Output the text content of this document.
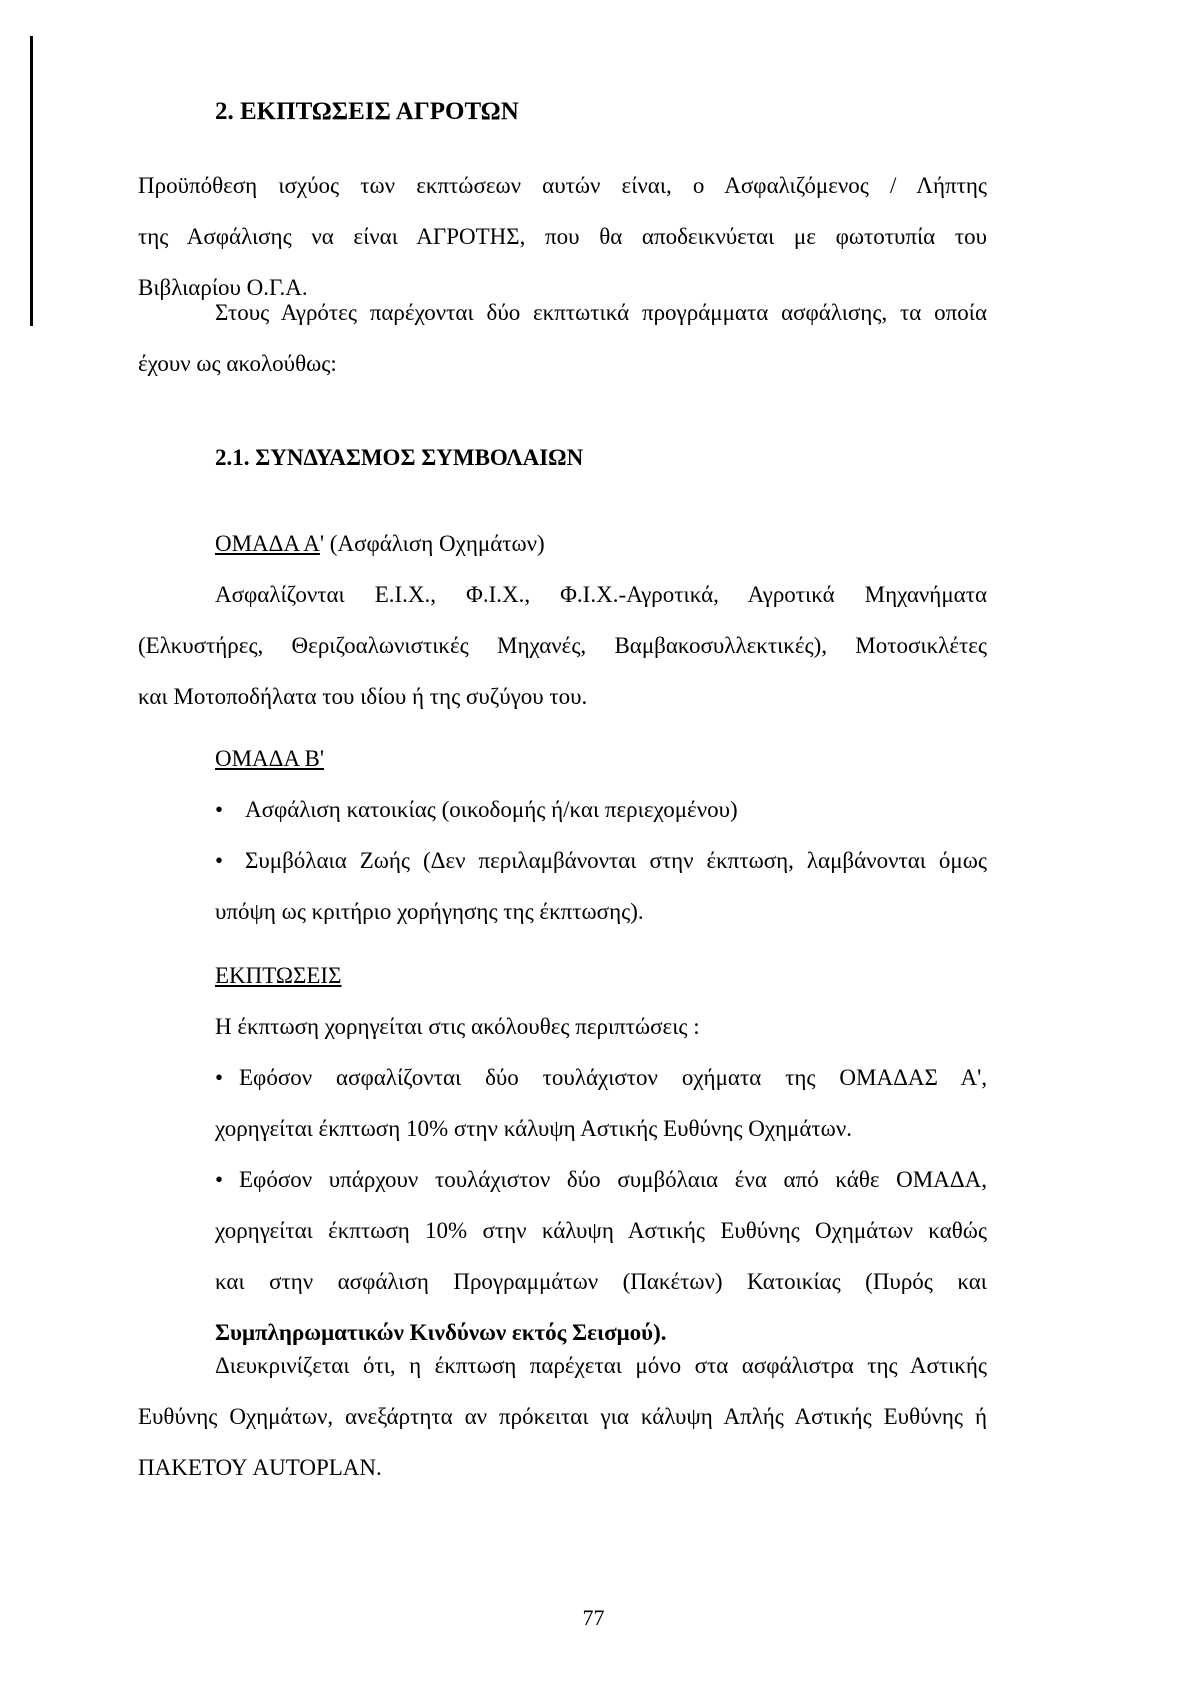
2. ΕΚΠΤΩΣΕΙΣ ΑΓΡΟΤΩΝ

Προϋπόθεση ισχύος των εκπτώσεων αυτών είναι, ο Ασφαλιζόμενος / Λήπτης

της Ασφάλισης να είναι ΑΓΡΟΤΗΣ, που θα αποδεικνύεται με φωτοτυπία του

Βιβλιαρίου Ο.Γ.Α.

Στους Αγρότες παρέχονται δύο εκπτωτικά προγράμματα ασφάλισης, τα οποία

έχουν ως ακολούθως:

2.1. ΣΥΝΔΥΑΣΜΟΣ ΣΥΜΒΟΛΑΙΩΝ

ΟΜΑΔΑ Α' (Ασφάλιση Οχημάτων)

Ασφαλίζονται Ε.Ι.Χ., Φ.Ι.Χ., Φ.Ι.Χ.-Αγροτικά, Αγροτικά Μηχανήματα

(Ελκυστήρες, Θεριζοαλωνιστικές Μηχανές, Βαμβακοσυλλεκτικές), Μοτοσικλέτες

και Μοτοποδήλατα του ιδίου ή της συζύγου του.

ΟΜΑΔΑ Β'

• Ασφάλιση κατοικίας (οικοδομής ή/και περιεχομένου)
• Συμβόλαια Ζωής (Δεν περιλαμβάνονται στην έκπτωση, λαμβάνονται όμως

υπόψη ως κριτήριο χορήγησης της έκπτωσης).

ΕΚΠΤΩΣΕΙΣ

Η έκπτωση χορηγείται στις ακόλουθες περιπτώσεις :

• Εφόσον ασφαλίζονται δύο τουλάχιστον οχήματα της ΟΜΑΔΑΣ Α',

χορηγείται έκπτωση 10% στην κάλυψη Αστικής Ευθύνης Οχημάτων.

• Εφόσον υπάρχουν τουλάχιστον δύο συμβόλαια ένα από κάθε ΟΜΑΔΑ,

χορηγείται έκπτωση 10% στην κάλυψη Αστικής Ευθύνης Οχημάτων καθώς

και στην ασφάλιση Προγραμμάτων (Πακέτων) Κατοικίας (Πυρός και

Συμπληρωματικών Κινδύνων εκτός Σεισμού).

Διευκρινίζεται ότι, η έκπτωση παρέχεται μόνο στα ασφάλιστρα της Αστικής

Ευθύνης Οχημάτων, ανεξάρτητα αν πρόκειται για κάλυψη Απλής Αστικής Ευθύνης ή

ΠΑΚΕΤΟΥ AUTOPLAN.

77
